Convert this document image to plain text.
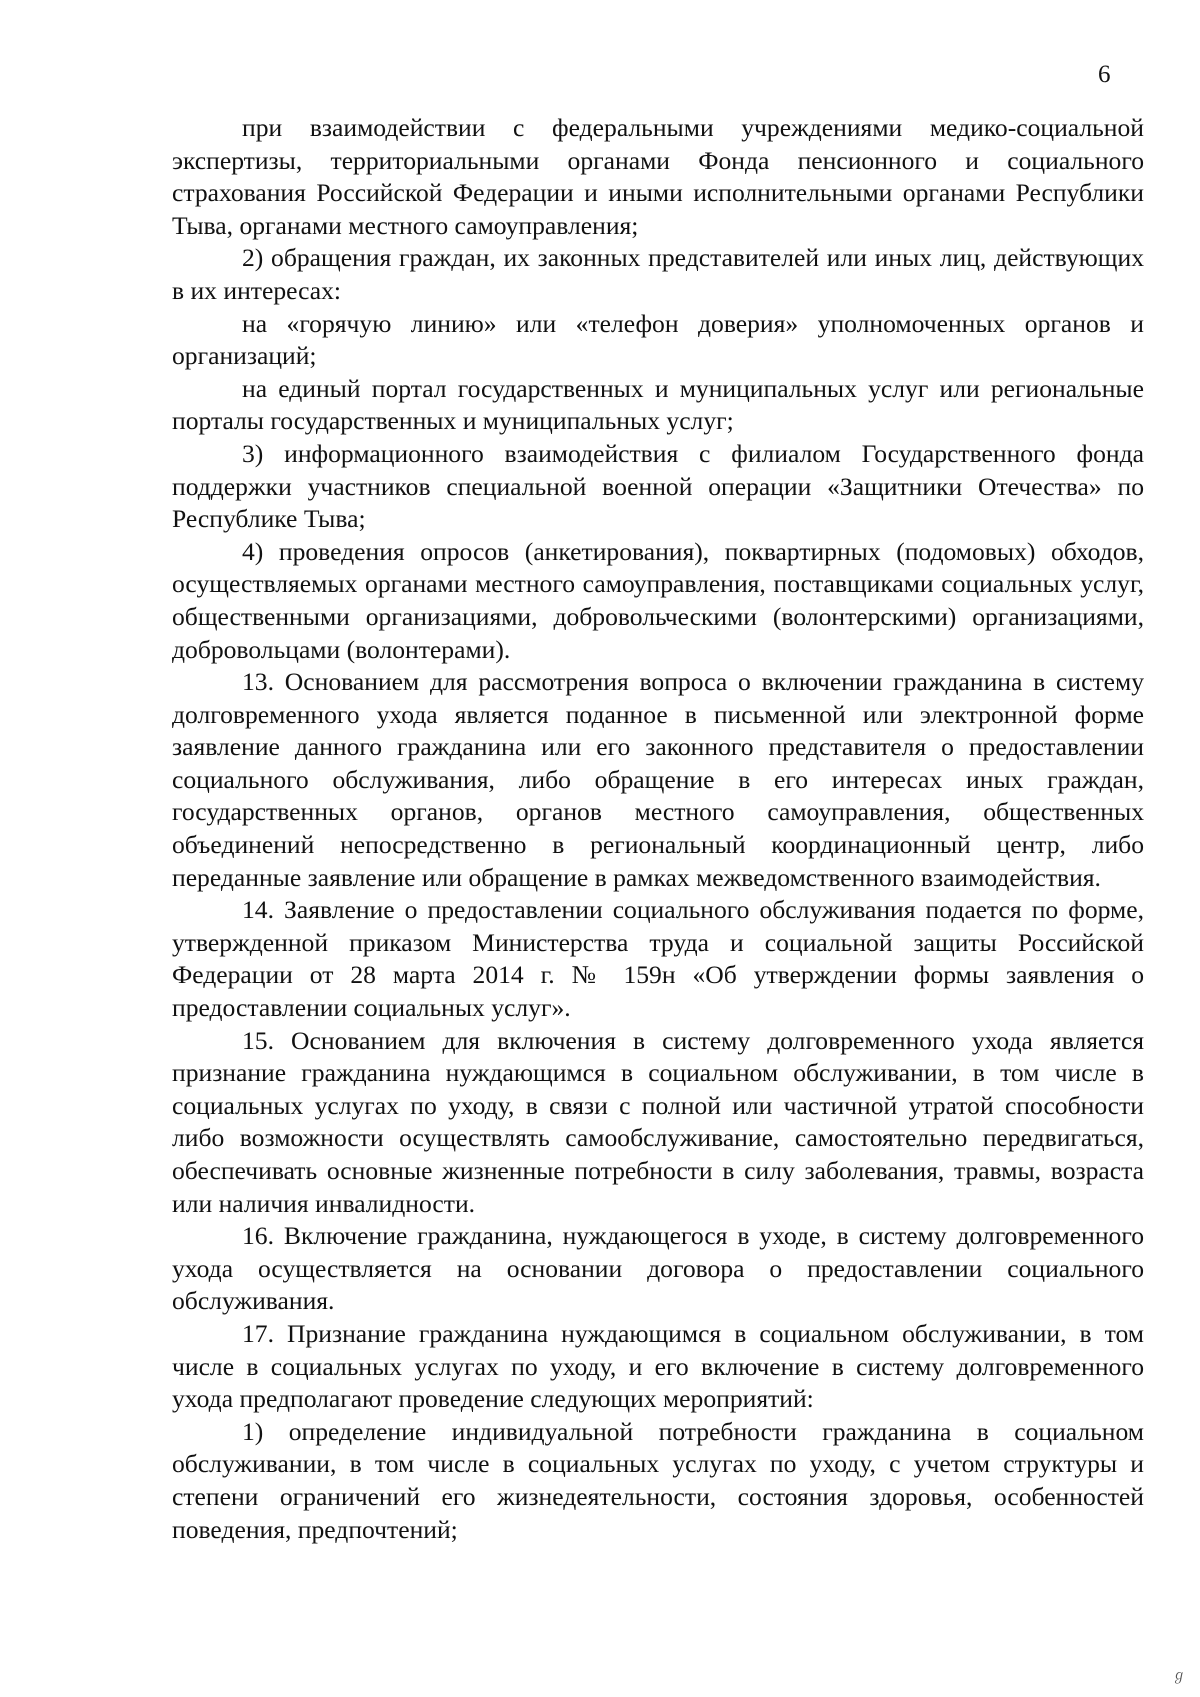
6

при взаимодействии с федеральными учреждениями медико-социальной экспертизы, территориальными органами Фонда пенсионного и социального страхования Российской Федерации и иными исполнительными органами Республики Тыва, органами местного самоуправления;

2) обращения граждан, их законных представителей или иных лиц, действующих в их интересах:

на «горячую линию» или «телефон доверия» уполномоченных органов и организаций;

на единый портал государственных и муниципальных услуг или региональные порталы государственных и муниципальных услуг;

3) информационного взаимодействия с филиалом Государственного фонда поддержки участников специальной военной операции «Защитники Отечества» по Республике Тыва;

4) проведения опросов (анкетирования), поквартирных (подомовых) обходов, осуществляемых органами местного самоуправления, поставщиками социальных услуг, общественными организациями, добровольческими (волонтерскими) организациями, добровольцами (волонтерами).

13. Основанием для рассмотрения вопроса о включении гражданина в систему долговременного ухода является поданное в письменной или электронной форме заявление данного гражданина или его законного представителя о предоставлении социального обслуживания, либо обращение в его интересах иных граждан, государственных органов, органов местного самоуправления, общественных объединений непосредственно в региональный координационный центр, либо переданные заявление или обращение в рамках межведомственного взаимодействия.

14. Заявление о предоставлении социального обслуживания подается по форме, утвержденной приказом Министерства труда и социальной защиты Российской Федерации от 28 марта 2014 г. № 159н «Об утверждении формы заявления о предоставлении социальных услуг».

15. Основанием для включения в систему долговременного ухода является признание гражданина нуждающимся в социальном обслуживании, в том числе в социальных услугах по уходу, в связи с полной или частичной утратой способности либо возможности осуществлять самообслуживание, самостоятельно передвигаться, обеспечивать основные жизненные потребности в силу заболевания, травмы, возраста или наличия инвалидности.

16. Включение гражданина, нуждающегося в уходе, в систему долговременного ухода осуществляется на основании договора о предоставлении социального обслуживания.

17. Признание гражданина нуждающимся в социальном обслуживании, в том числе в социальных услугах по уходу, и его включение в систему долговременного ухода предполагают проведение следующих мероприятий:

1) определение индивидуальной потребности гражданина в социальном обслуживании, в том числе в социальных услугах по уходу, с учетом структуры и степени ограничений его жизнедеятельности, состояния здоровья, особенностей поведения, предпочтений;

ℊ
